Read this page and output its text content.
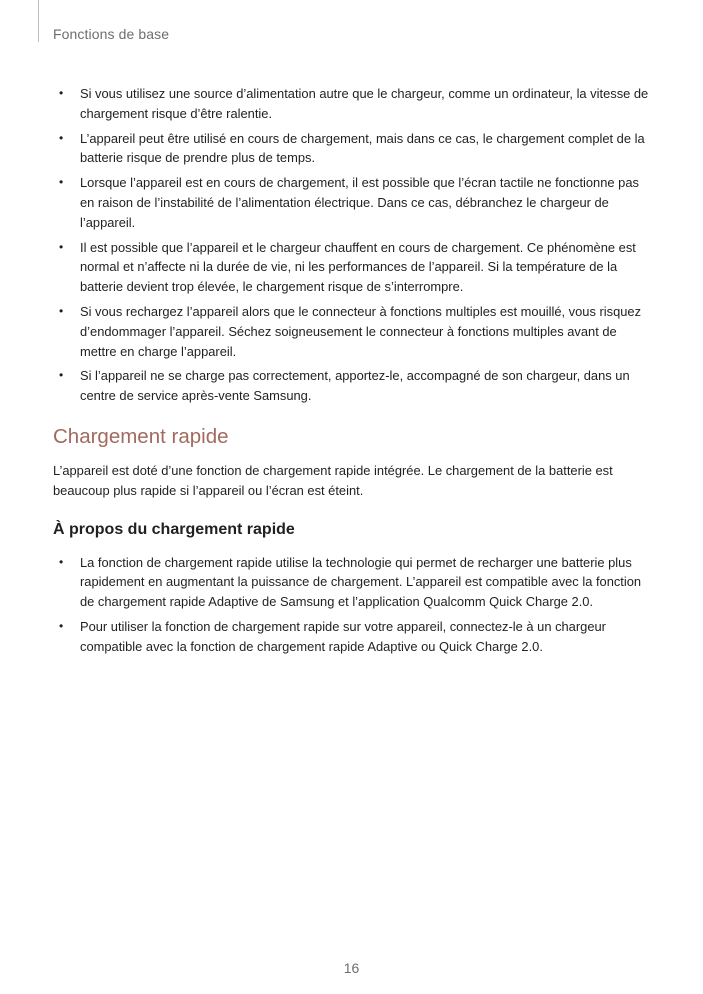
Fonctions de base
• Si vous utilisez une source d’alimentation autre que le chargeur, comme un ordinateur, la vitesse de chargement risque d’être ralentie.
• L’appareil peut être utilisé en cours de chargement, mais dans ce cas, le chargement complet de la batterie risque de prendre plus de temps.
• Lorsque l’appareil est en cours de chargement, il est possible que l’écran tactile ne fonctionne pas en raison de l’instabilité de l’alimentation électrique. Dans ce cas, débranchez le chargeur de l’appareil.
• Il est possible que l’appareil et le chargeur chauffent en cours de chargement. Ce phénomène est normal et n’affecte ni la durée de vie, ni les performances de l’appareil. Si la température de la batterie devient trop élevée, le chargement risque de s’interrompre.
• Si vous rechargez l’appareil alors que le connecteur à fonctions multiples est mouillé, vous risquez d’endommager l’appareil. Séchez soigneusement le connecteur à fonctions multiples avant de mettre en charge l’appareil.
• Si l’appareil ne se charge pas correctement, apportez-le, accompagné de son chargeur, dans un centre de service après-vente Samsung.
Chargement rapide

L’appareil est doté d’une fonction de chargement rapide intégrée. Le chargement de la batterie est beaucoup plus rapide si l’appareil ou l’écran est éteint.

À propos du chargement rapide
• La fonction de chargement rapide utilise la technologie qui permet de recharger une batterie plus rapidement en augmentant la puissance de chargement. L’appareil est compatible avec la fonction de chargement rapide Adaptive de Samsung et l’application Qualcomm Quick Charge 2.0.
• Pour utiliser la fonction de chargement rapide sur votre appareil, connectez-le à un chargeur compatible avec la fonction de chargement rapide Adaptive ou Quick Charge 2.0.
16
